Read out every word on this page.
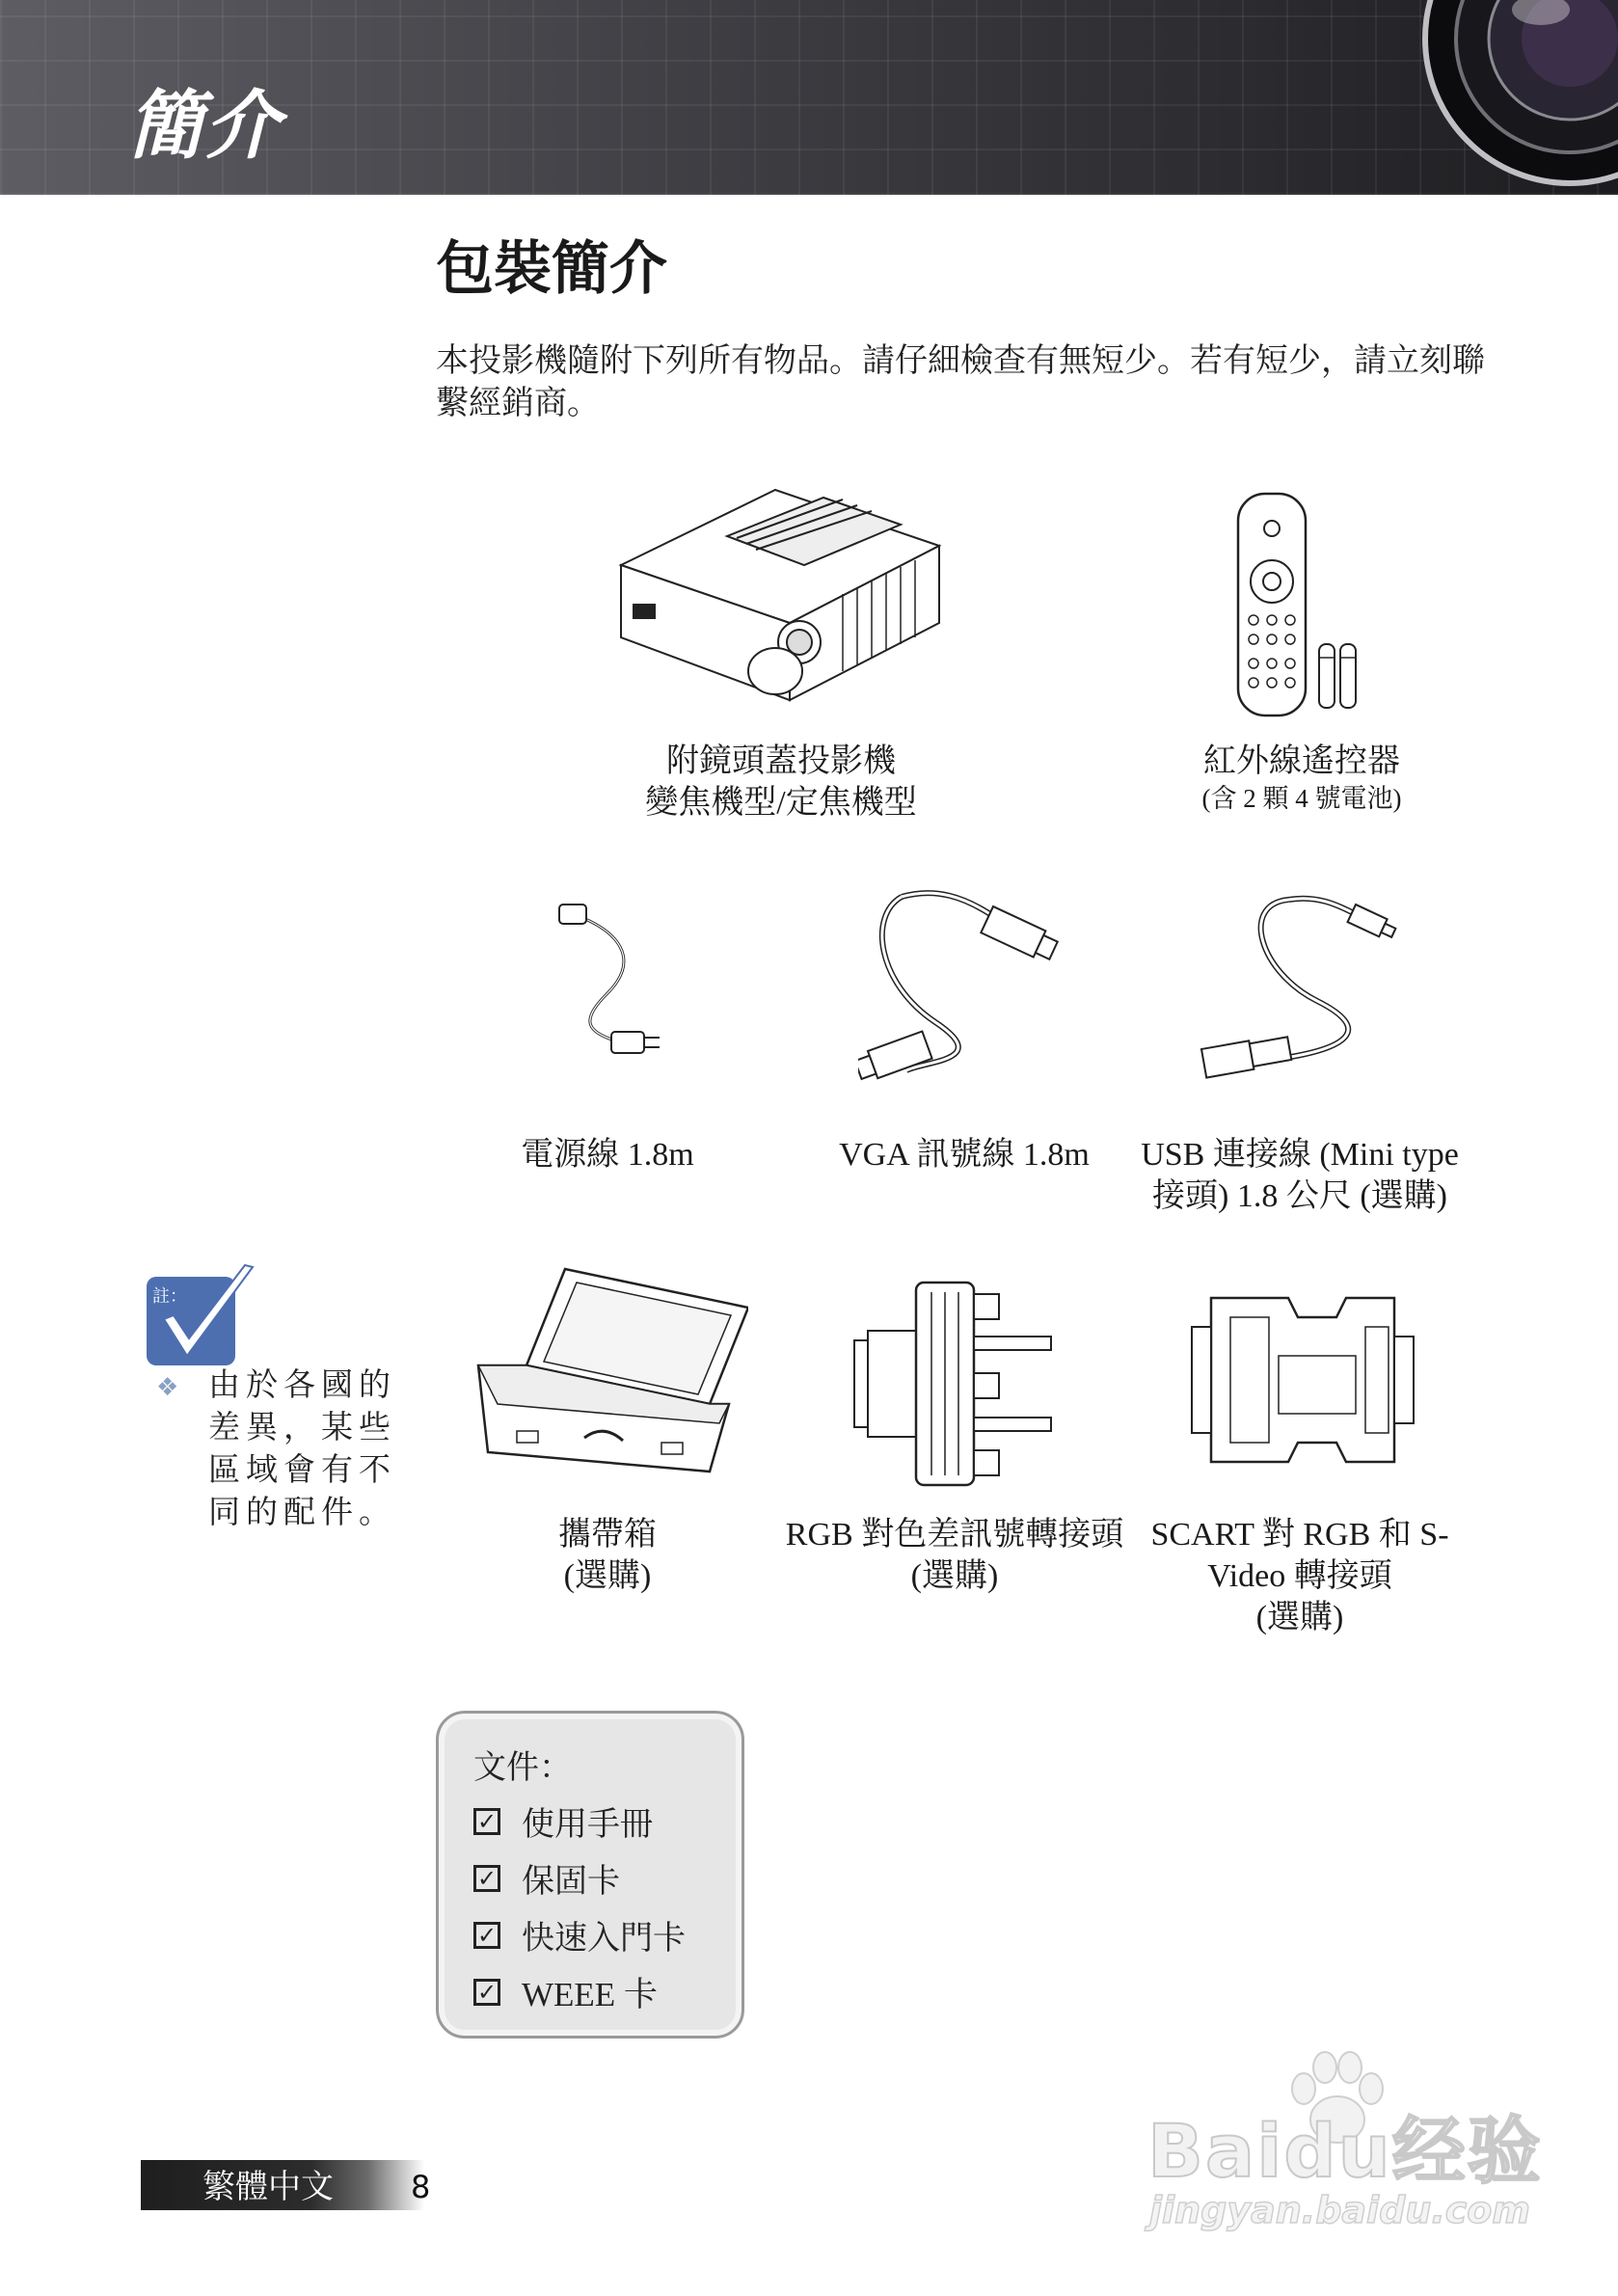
簡介
包裝簡介
本投影機隨附下列所有物品。請仔細檢查有無短少。若有短少，請立刻聯繫經銷商。
附鏡頭蓋投影機
變焦機型/定焦機型
紅外線遙控器
(含 2 顆 4 號電池)
電源線 1.8m	VGA 訊號線 1.8m	USB 連接線 (Mini type 接頭) 1.8 公尺 (選購)
攜帶箱
(選購)
RGB 對色差訊號轉接頭
(選購)
SCART 對 RGB 和 S-Video 轉接頭
(選購)
註：
❖ 由於各國的差異，某些區域會有不同的配件。
文件：
✓ 使用手冊
✓ 保固卡
✓ 快速入門卡
✓ WEEE 卡
繁體中文	8	Baidu经验
jingyan.baidu.com
